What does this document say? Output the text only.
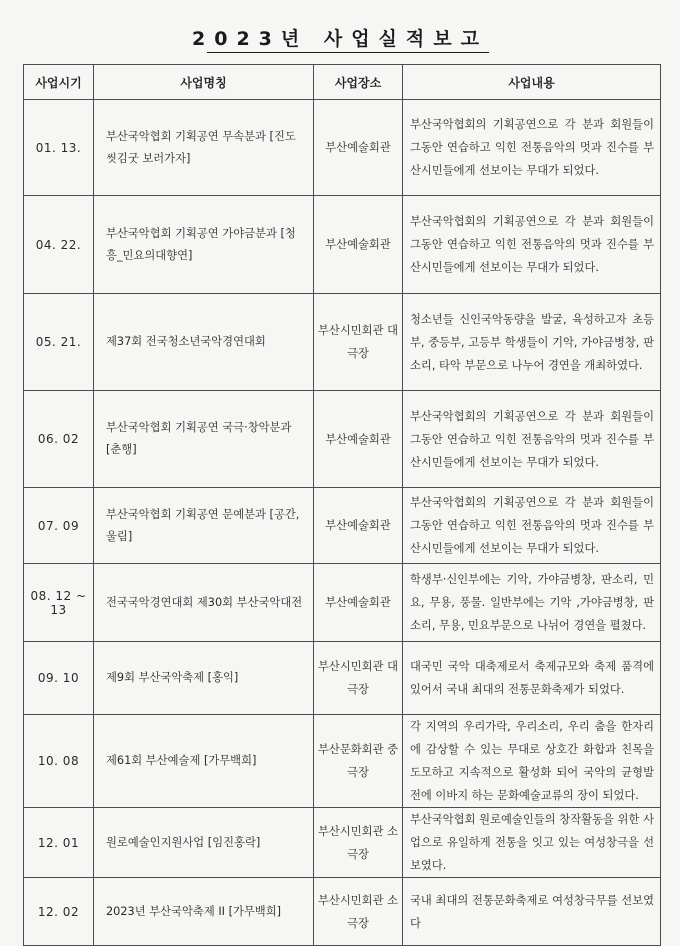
2023년 사업실적보고
사업시기	사업명칭	사업장소	사업내용
01. 13.	부산국악협회 기획공연 무속분과 [진도 씻김굿 보러가자]	부산예술회관	부산국악협회의 기획공연으로 각 분과 회원들이 그동안 연습하고 익힌 전통음악의 멋과 진수를 부산시민들에게 선보이는 무대가 되었다.
04. 22.	부산국악협회 기획공연 가야금분과 [청흥_민요의대향연]	부산예술회관	부산국악협회의 기획공연으로 각 분과 회원들이 그동안 연습하고 익힌 전통음악의 멋과 진수를 부산시민들에게 선보이는 무대가 되었다.
05. 21.	제37회 전국청소년국악경연대회	부산시민회관 대극장	청소년들 신인국악동량을 발굴, 육성하고자 초등부, 중등부, 고등부 학생들이 기악, 가야금병창, 판소리, 타악 부문으로 나누어 경연을 개최하였다.
06. 02	부산국악협회 기획공연 국극·창악분과 [춘행]	부산예술회관	부산국악협회의 기획공연으로 각 분과 회원들이 그동안 연습하고 익힌 전통음악의 멋과 진수를 부산시민들에게 선보이는 무대가 되었다.
07. 09	부산국악협회 기획공연 문예분과 [공간, 울림]	부산예술회관	부산국악협회의 기획공연으로 각 분과 회원들이 그동안 연습하고 익힌 전통음악의 멋과 진수를 부산시민들에게 선보이는 무대가 되었다.
08. 12 ~ 13	전국국악경연대회 제30회 부산국악대전	부산예술회관	학생부·신인부에는 기악, 가야금병창, 판소리, 민요, 무용, 풍물. 일반부에는 기악 ,가야금병창, 판소리, 무용, 민요부문으로 나뉘어 경연을 펼쳤다.
09. 10	제9회 부산국악축제 [홍익]	부산시민회관 대극장	대국민 국악 대축제로서 축제규모와 축제 품격에 있어서 국내 최대의 전통문화축제가 되었다.
10. 08	제61회 부산예술제 [가무백희]	부산문화회관 중극장	각 지역의 우리가락, 우리소리, 우리 춤을 한자리에 감상할 수 있는 무대로 상호간 화합과 친목을 도모하고 지속적으로 활성화 되어 국악의 균형발전에 이바지 하는 문화예술교류의 장이 되었다.
12. 01	원로예술인지원사업 [임진홍락]	부산시민회관 소극장	부산국악협회 원로예술인들의 창작활동을 위한 사업으로 유일하게 전통을 잇고 있는 여성창극을 선보였다.
12. 02	2023년 부산국악축제 II [가무백희]	부산시민회관 소극장	국내 최대의 전통문화축제로 여성창극무를 선보였다
